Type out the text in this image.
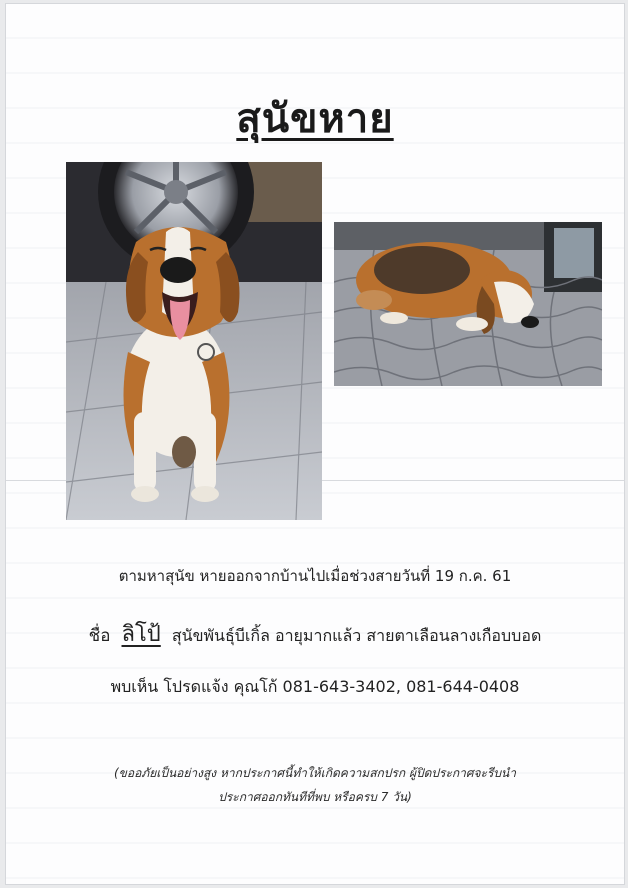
สุนัขหาย
ตามหาสุนัข หายออกจากบ้านไปเมื่อช่วงสายวันที่ 19 ก.ค. 61
ชื่อ ลิโป้ สุนัขพันธุ์บีเกิ้ล อายุมากแล้ว สายตาเลือนลางเกือบบอด
พบเห็น โปรดแจ้ง คุณโก้ 081-643-3402, 081-644-0408
(ขออภัยเป็นอย่างสูง หากประกาศนี้ทำให้เกิดความสกปรก ผู้ปิดประกาศจะรีบนำ
ประกาศออกทันทีที่พบ หรือครบ 7 วัน)
